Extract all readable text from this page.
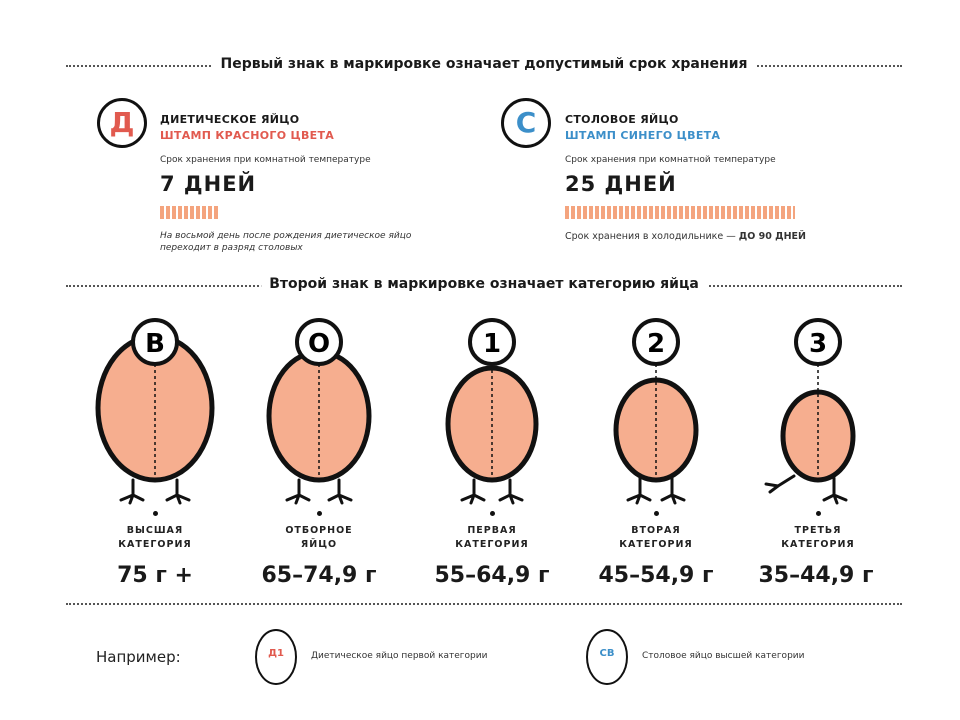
Первый знак в маркировке означает допустимый срок хранения
Д	ДИЕТИЧЕСКОЕ ЯЙЦО
ШТАМП КРАСНОГО ЦВЕТА
Срок хранения при комнатной температуре
7 ДНЕЙ
На восьмой день после рождения диетическое яйцо
переходит в разряд столовых
С	СТОЛОВОЕ ЯЙЦО
ШТАМП СИНЕГО ЦВЕТА
Срок хранения при комнатной температуре
25 ДНЕЙ
Срок хранения в холодильнике — ДО 90 ДНЕЙ
Второй знак в маркировке означает категорию яйца
В	О	1	2	3
ВЫСШАЯ
КАТЕГОРИЯ
ОТБОРНОЕ
ЯЙЦО
ПЕРВАЯ
КАТЕГОРИЯ
ВТОРАЯ
КАТЕГОРИЯ
ТРЕТЬЯ
КАТЕГОРИЯ
75 г +	65–74,9 г	55–64,9 г	45–54,9 г	35–44,9 г
Например:	Д1	Диетическое яйцо первой категории	СВ	Столовое яйцо высшей категории
